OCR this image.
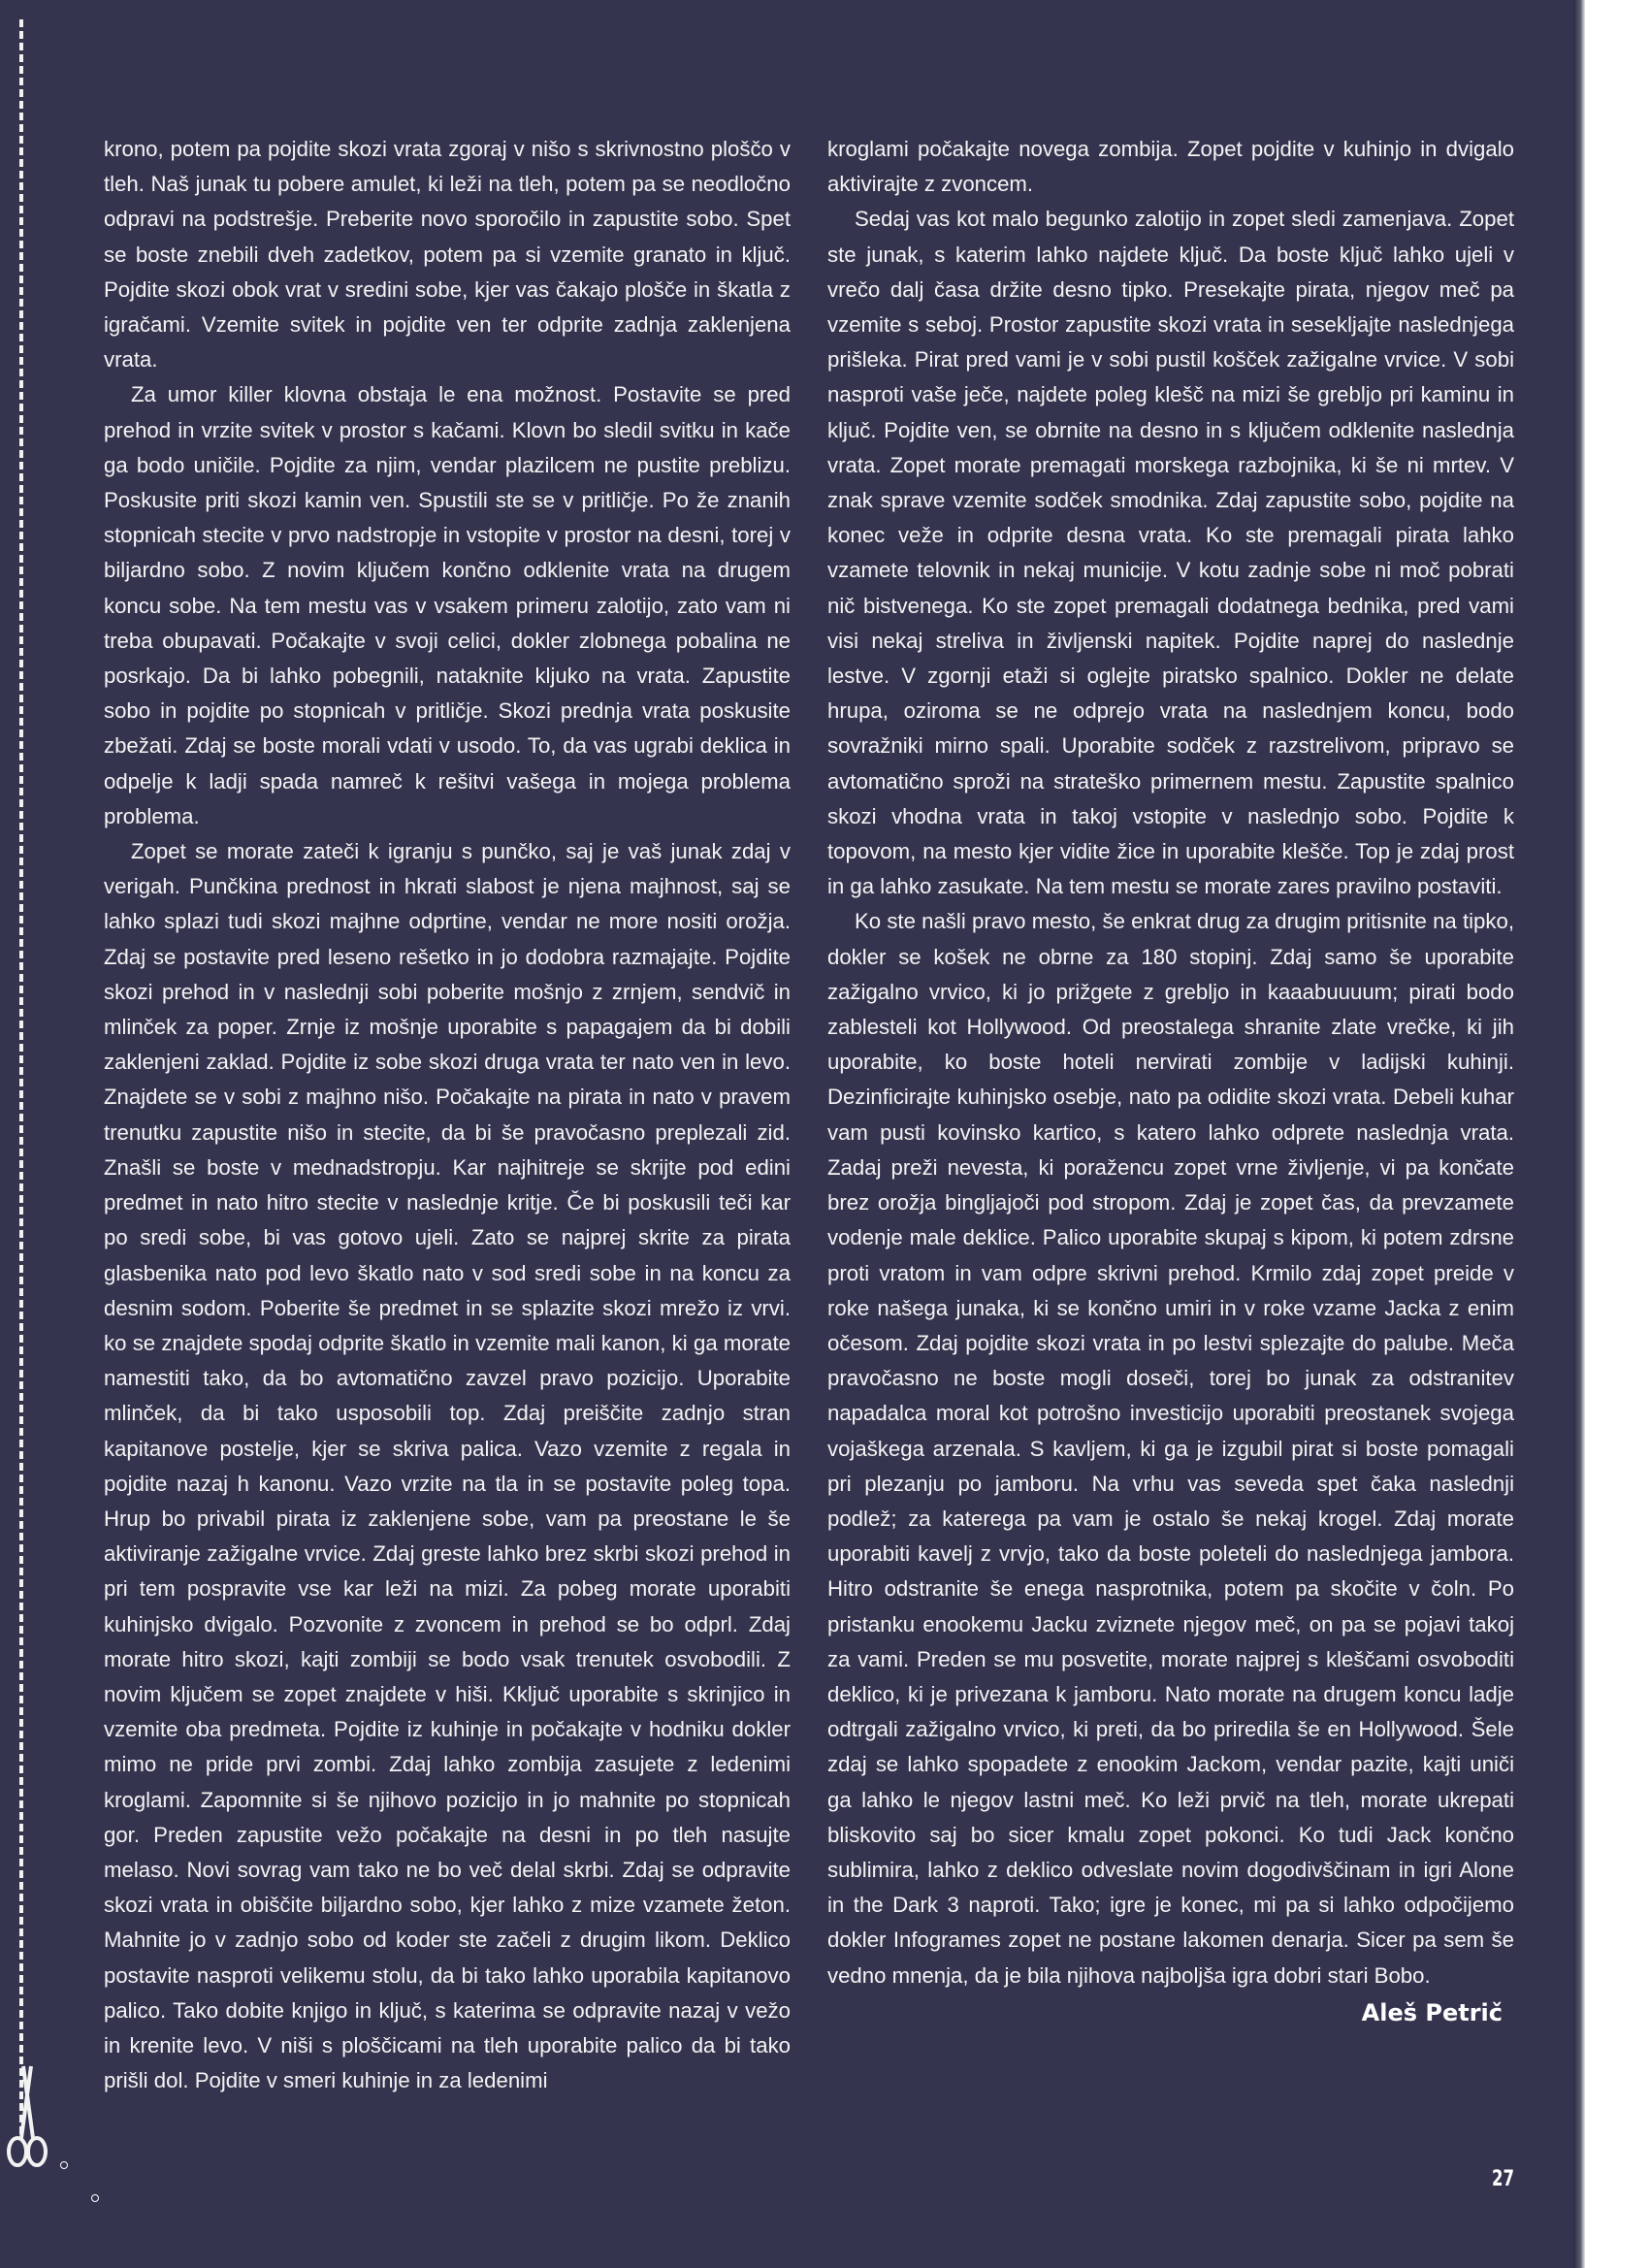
krono, potem pa pojdite skozi vrata zgoraj v nišo s skrivnostno ploščo v tleh. Naš junak tu pobere amulet, ki leži na tleh, potem pa se neodločno odpravi na podstrešje. Preberite novo sporočilo in zapustite sobo. Spet se boste znebili dveh zadetkov, potem pa si vzemite granato in ključ. Pojdite skozi obok vrat v sredini sobe, kjer vas čakajo plošče in škatla z igračami. Vzemite svitek in pojdite ven ter odprite zadnja zaklenjena vrata.

Za umor killer klovna obstaja le ena možnost. Postavite se pred prehod in vrzite svitek v prostor s kačami. Klovn bo sledil svitku in kače ga bodo uničile. Pojdite za njim, vendar plazilcem ne pustite preblizu. Poskusite priti skozi kamin ven. Spustili ste se v pritličje. Po že znanih stopnicah stecite v prvo nadstropje in vstopite v prostor na desni, torej v biljardno sobo. Z novim ključem končno odklenite vrata na drugem koncu sobe. Na tem mestu vas v vsakem primeru zalotijo, zato vam ni treba obupavati. Počakajte v svoji celici, dokler zlobnega pobalina ne posrkajo. Da bi lahko pobegnili, nataknite kljuko na vrata. Zapustite sobo in pojdite po stopnicah v pritličje. Skozi prednja vrata poskusite zbežati. Zdaj se boste morali vdati v usodo. To, da vas ugrabi deklica in odpelje k ladji spada namreč k rešitvi vašega in mojega problema problema.

Zopet se morate zateči k igranju s punčko, saj je vaš junak zdaj v verigah. Punčkina prednost in hkrati slabost je njena majhnost, saj se lahko splazi tudi skozi majhne odprtine, vendar ne more nositi orožja. Zdaj se postavite pred leseno rešetko in jo dodobra razmajajte. Pojdite skozi prehod in v naslednji sobi poberite mošnjo z zrnjem, sendvič in mlinček za poper. Zrnje iz mošnje uporabite s papagajem da bi dobili zaklenjeni zaklad. Pojdite iz sobe skozi druga vrata ter nato ven in levo. Znajdete se v sobi z majhno nišo. Počakajte na pirata in nato v pravem trenutku zapustite nišo in stecite, da bi še pravočasno preplezali zid. Znašli se boste v mednadstropju. Kar najhitreje se skrijte pod edini predmet in nato hitro stecite v naslednje kritje. Če bi poskusili teči kar po sredi sobe, bi vas gotovo ujeli. Zato se najprej skrite za pirata glasbenika nato pod levo škatlo nato v sod sredi sobe in na koncu za desnim sodom. Poberite še predmet in se splazite skozi mrežo iz vrvi. ko se znajdete spodaj odprite škatlo in vzemite mali kanon, ki ga morate namestiti tako, da bo avtomatično zavzel pravo pozicijo. Uporabite mlinček, da bi tako usposobili top. Zdaj preiščite zadnjo stran kapitanove postelje, kjer se skriva palica. Vazo vzemite z regala in pojdite nazaj h kanonu. Vazo vrzite na tla in se postavite poleg topa. Hrup bo privabil pirata iz zaklenjene sobe, vam pa preostane le še aktiviranje zažigalne vrvice. Zdaj greste lahko brez skrbi skozi prehod in pri tem pospravite vse kar leži na mizi. Za pobeg morate uporabiti kuhinjsko dvigalo. Pozvonite z zvoncem in prehod se bo odprl. Zdaj morate hitro skozi, kajti zombiji se bodo vsak trenutek osvobodili. Z novim ključem se zopet znajdete v hiši. Kključ uporabite s skrinjico in vzemite oba predmeta. Pojdite iz kuhinje in počakajte v hodniku dokler mimo ne pride prvi zombi. Zdaj lahko zombija zasujete z ledenimi kroglami. Zapomnite si še njihovo pozicijo in jo mahnite po stopnicah gor. Preden zapustite vežo počakajte na desni in po tleh nasujte melaso. Novi sovrag vam tako ne bo več delal skrbi. Zdaj se odpravite skozi vrata in obiščite biljardno sobo, kjer lahko z mize vzamete žeton. Mahnite jo v zadnjo sobo od koder ste začeli z drugim likom. Deklico postavite nasproti velikemu stolu, da bi tako lahko uporabila kapitanovo palico. Tako dobite knjigo in ključ, s katerima se odpravite nazaj v vežo in krenite levo. V niši s ploščicami na tleh uporabite palico da bi tako prišli dol. Pojdite v smeri kuhinje in za ledenimi

kroglami počakajte novega zombija. Zopet pojdite v kuhinjo in dvigalo aktivirajte z zvoncem.

Sedaj vas kot malo begunko zalotijo in zopet sledi zamenjava. Zopet ste junak, s katerim lahko najdete ključ. Da boste ključ lahko ujeli v vrečo dalj časa držite desno tipko. Presekajte pirata, njegov meč pa vzemite s seboj. Prostor zapustite skozi vrata in sesekljajte naslednjega prišleka. Pirat pred vami je v sobi pustil košček zažigalne vrvice. V sobi nasproti vaše ječe, najdete poleg klešč na mizi še grebljo pri kaminu in ključ. Pojdite ven, se obrnite na desno in s ključem odklenite naslednja vrata. Zopet morate premagati morskega razbojnika, ki še ni mrtev. V znak sprave vzemite sodček smodnika. Zdaj zapustite sobo, pojdite na konec veže in odprite desna vrata. Ko ste premagali pirata lahko vzamete telovnik in nekaj municije. V kotu zadnje sobe ni moč pobrati nič bistvenega. Ko ste zopet premagali dodatnega bednika, pred vami visi nekaj streliva in življenski napitek. Pojdite naprej do naslednje lestve. V zgornji etaži si oglejte piratsko spalnico. Dokler ne delate hrupa, oziroma se ne odprejo vrata na naslednjem koncu, bodo sovražniki mirno spali. Uporabite sodček z razstrelivom, pripravo se avtomatično sproži na strateško primernem mestu. Zapustite spalnico skozi vhodna vrata in takoj vstopite v naslednjo sobo. Pojdite k topovom, na mesto kjer vidite žice in uporabite klešče. Top je zdaj prost in ga lahko zasukate. Na tem mestu se morate zares pravilno postaviti.

Ko ste našli pravo mesto, še enkrat drug za drugim pritisnite na tipko, dokler se košek ne obrne za 180 stopinj. Zdaj samo še uporabite zažigalno vrvico, ki jo prižgete z grebljo in kaaabuuuum; pirati bodo zablesteli kot Hollywood. Od preostalega shranite zlate vrečke, ki jih uporabite, ko boste hoteli nervirati zombije v ladijski kuhinji. Dezinficirajte kuhinjsko osebje, nato pa odidite skozi vrata. Debeli kuhar vam pusti kovinsko kartico, s katero lahko odprete naslednja vrata. Zadaj preži nevesta, ki poražencu zopet vrne življenje, vi pa končate brez orožja bingljajoči pod stropom. Zdaj je zopet čas, da prevzamete vodenje male deklice. Palico uporabite skupaj s kipom, ki potem zdrsne proti vratom in vam odpre skrivni prehod. Krmilo zdaj zopet preide v roke našega junaka, ki se končno umiri in v roke vzame Jacka z enim očesom. Zdaj pojdite skozi vrata in po lestvi splezajte do palube. Meča pravočasno ne boste mogli doseči, torej bo junak za odstranitev napadalca moral kot potrošno investicijo uporabiti preostanek svojega vojaškega arzenala. S kavljem, ki ga je izgubil pirat si boste pomagali pri plezanju po jamboru. Na vrhu vas seveda spet čaka naslednji podlež; za katerega pa vam je ostalo še nekaj krogel. Zdaj morate uporabiti kavelj z vrvjo, tako da boste poleteli do naslednjega jambora. Hitro odstranite še enega nasprotnika, potem pa skočite v čoln. Po pristanku enookemu Jacku zviznete njegov meč, on pa se pojavi takoj za vami. Preden se mu posvetite, morate najprej s kleščami osvoboditi deklico, ki je privezana k jamboru. Nato morate na drugem koncu ladje odtrgali zažigalno vrvico, ki preti, da bo priredila še en Hollywood. Šele zdaj se lahko spopadete z enookim Jackom, vendar pazite, kajti uniči ga lahko le njegov lastni meč. Ko leži prvič na tleh, morate ukrepati bliskovito saj bo sicer kmalu zopet pokonci. Ko tudi Jack končno sublimira, lahko z deklico odveslate novim dogodivščinam in igri Alone in the Dark 3 naproti. Tako; igre je konec, mi pa si lahko odpočijemo dokler Infogrames zopet ne postane lakomen denarja. Sicer pa sem še vedno mnenja, da je bila njihova najboljša igra dobri stari Bobo.

Aleš Petrič
27
